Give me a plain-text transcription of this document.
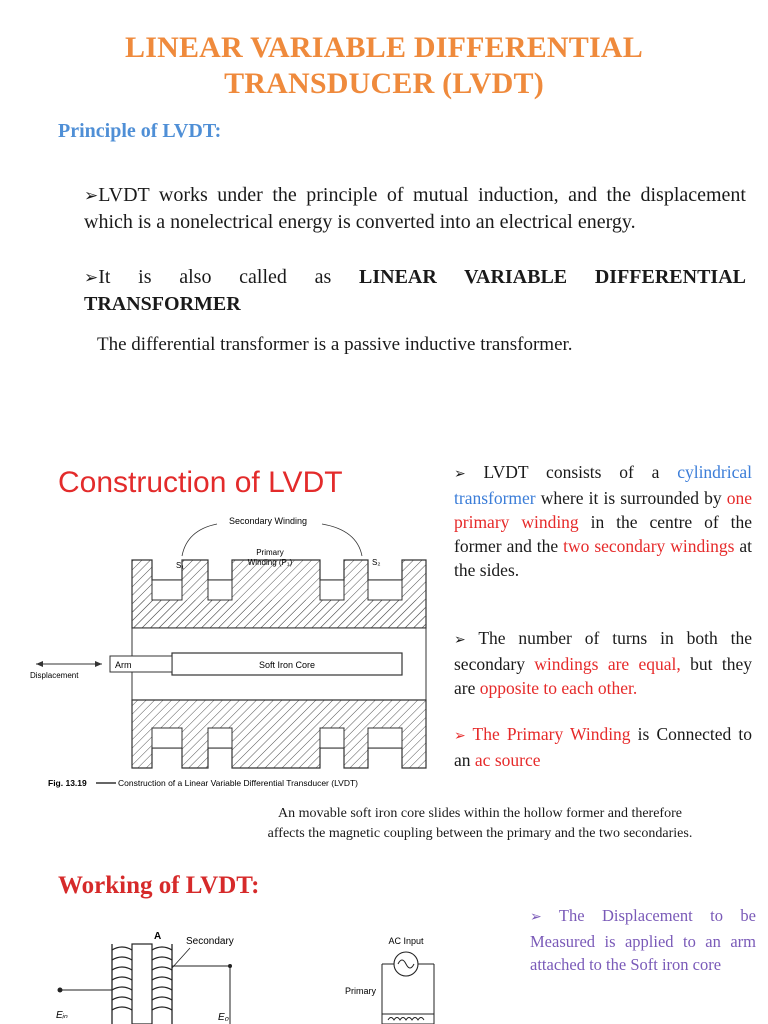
LINEAR VARIABLE DIFFERENTIAL
TRANSDUCER (LVDT)
Principle of LVDT:
➢LVDT works under the principle of mutual induction, and the displacement which is a nonelectrical energy is converted into an electrical energy.
➢It is also called as LINEAR VARIABLE DIFFERENTIAL TRANSFORMER
The differential transformer is a passive inductive transformer.
Construction of LVDT
Arm	Soft Iron Core
Displacement
Secondary Winding
Primary
Winding (P₁)
S₁	S₂
Fig. 13.19	Construction of a Linear Variable Differential Transducer (LVDT)
➢ LVDT consists of a cylindrical transformer where it is surrounded by one primary winding in the centre of the former and the two secondary windings at the sides.
➢ The number of turns in both the secondary windings are equal, but they are opposite to each other.
➢ The Primary Winding is Connected to an ac source
An movable soft iron core slides within the hollow former and therefore
affects the magnetic coupling between the primary and the two secondaries.
Working of LVDT:
A Secondary
Eᵢₙ	E₀
AC Input
Primary
➢ The Displacement to be Measured is applied to an arm attached to the Soft iron core
